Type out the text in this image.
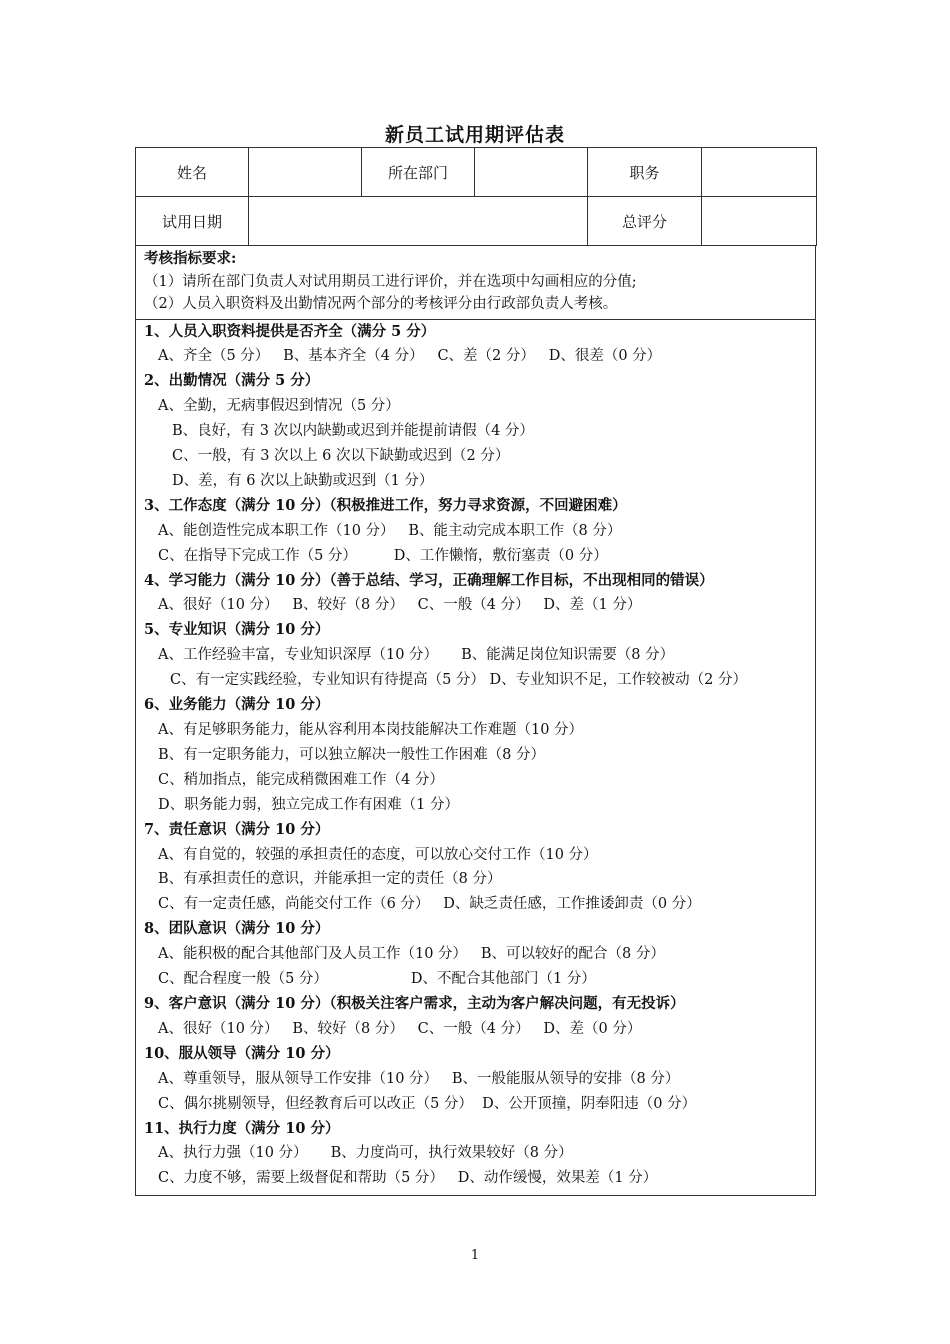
新员工试用期评估表
姓名		所在部门		职务	
试用日期				总评分	
考核指标要求:
（1）请所在部门负责人对试用期员工进行评价，并在选项中勾画相应的分值;
（2）人员入职资料及出勤情况两个部分的考核评分由行政部负责人考核。
1、人员入职资料提供是否齐全（满分 5 分）
A、齐全（5 分）   B、基本齐全（4 分）   C、差（2 分）   D、很差（0 分）
2、出勤情况（满分 5 分）
A、全勤，无病事假迟到情况（5 分）
B、良好，有 3 次以内缺勤或迟到并能提前请假（4 分）
C、一般，有 3 次以上 6 次以下缺勤或迟到（2 分）
D、差，有 6 次以上缺勤或迟到（1 分）
3、工作态度（满分 10 分）（积极推进工作，努力寻求资源，不回避困难）
A、能创造性完成本职工作（10 分）   B、能主动完成本职工作（8 分）
C、在指导下完成工作（5 分）        D、工作懒惰，敷衍塞责（0 分）
4、学习能力（满分 10 分）（善于总结、学习，正确理解工作目标，不出现相同的错误）
A、很好（10 分）   B、较好（8 分）   C、一般（4 分）   D、差（1 分）
5、专业知识（满分 10 分）
A、工作经验丰富，专业知识深厚（10 分）     B、能满足岗位知识需要（8 分）
C、有一定实践经验，专业知识有待提高（5 分） D、专业知识不足，工作较被动（2 分）
6、业务能力（满分 10 分）
A、有足够职务能力，能从容利用本岗技能解决工作难题（10 分）
B、有一定职务能力，可以独立解决一般性工作困难（8 分）
C、稍加指点，能完成稍微困难工作（4 分）
D、职务能力弱，独立完成工作有困难（1 分）
7、责任意识（满分 10 分）
A、有自觉的，较强的承担责任的态度，可以放心交付工作（10 分）
B、有承担责任的意识，并能承担一定的责任（8 分）
C、有一定责任感，尚能交付工作（6 分）   D、缺乏责任感，工作推诿卸责（0 分）
8、团队意识（满分 10 分）
A、能积极的配合其他部门及人员工作（10 分）   B、可以较好的配合（8 分）
C、配合程度一般（5 分）                  D、不配合其他部门（1 分）
9、客户意识（满分 10 分）（积极关注客户需求，主动为客户解决问题，有无投诉）
A、很好（10 分）   B、较好（8 分）   C、一般（4 分）   D、差（0 分）
10、服从领导（满分 10 分）
A、尊重领导，服从领导工作安排（10 分）   B、一般能服从领导的安排（8 分）
C、偶尔挑剔领导，但经教育后可以改正（5 分）  D、公开顶撞，阴奉阳违（0 分）
11、执行力度（满分 10 分）
A、执行力强（10 分）     B、力度尚可，执行效果较好（8 分）
C、力度不够，需要上级督促和帮助（5 分）   D、动作缓慢，效果差（1 分）
1
